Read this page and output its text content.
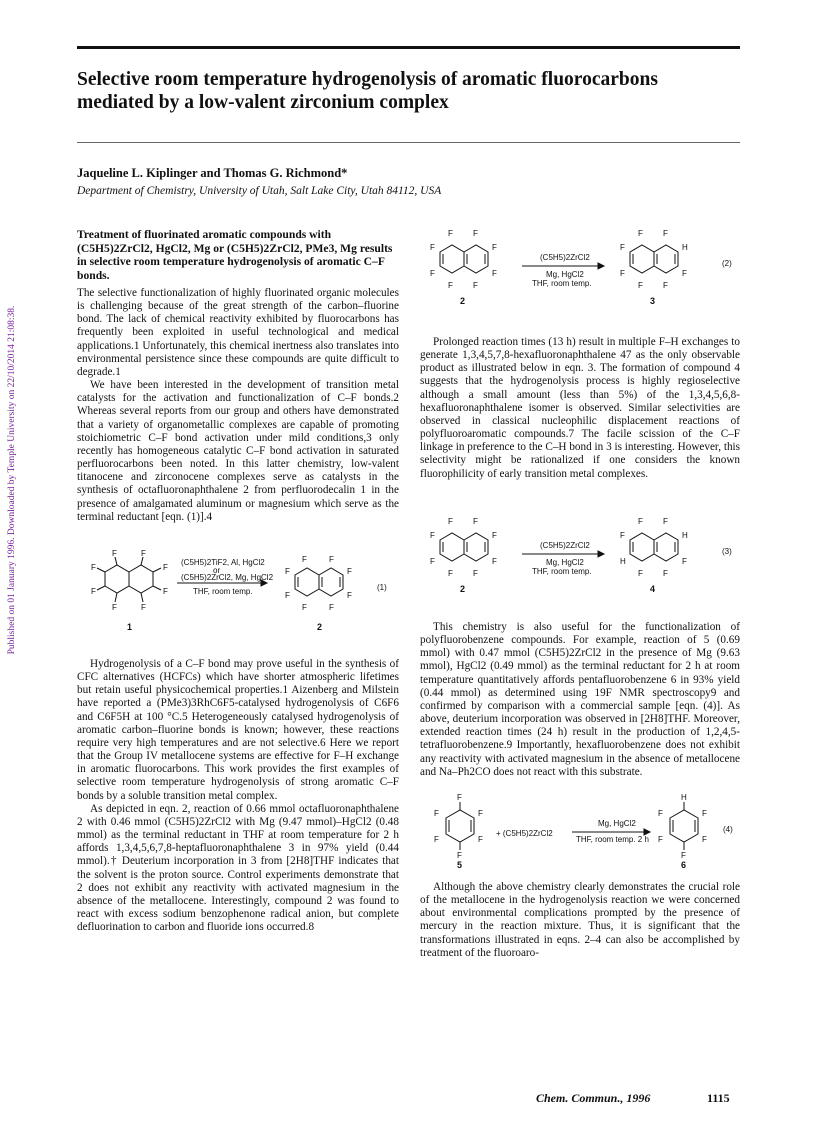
Published on 01 January 1996. Downloaded by Temple University on 22/10/2014 21:08:38.
Selective room temperature hydrogenolysis of aromatic fluorocarbons
mediated by a low-valent zirconium complex
Jaqueline L. Kiplinger and Thomas G. Richmond*
Department of Chemistry, University of Utah, Salt Lake City, Utah 84112, USA
Treatment of fluorinated aromatic compounds with (C5H5)2ZrCl2, HgCl2, Mg or (C5H5)2ZrCl2, PMe3, Mg results in selective room temperature hydrogenolysis of aromatic C–F bonds.

The selective functionalization of highly fluorinated organic molecules is challenging because of the great strength of the carbon–fluorine bond. The lack of chemical reactivity exhibited by fluorocarbons has frequently been exploited in useful technological and medical applications.1 Unfortunately, this chemical inertness also translates into environmental persistence since these compounds are quite difficult to degrade.1

We have been interested in the development of transition metal catalysts for the activation and functionalization of C–F bonds.2 Whereas several reports from our group and others have demonstrated that a variety of organometallic complexes are capable of promoting stoichiometric C–F bond activation under mild conditions,3 only recently has homogeneous catalytic C–F bond activation in saturated perfluorocarbons been noted. In this latter chemistry, low-valent titanocene and zirconocene complexes serve as catalysts in the synthesis of octafluoronaphthalene 2 from perfluorodecalin 1 in the presence of amalgamated aluminum or magnesium which serve as the terminal reductant [eqn. (1)].4

F
F
F
F
F	F
F	F
F	F
F	F
F	F
F	F
(C5H5)2TiF2, Al, HgCl2
or
(C5H5)2ZrCl2, Mg, HgCl2
THF, room temp.	(1)
1	2

Hydrogenolysis of a C–F bond may prove useful in the synthesis of CFC alternatives (HCFCs) which have shorter atmospheric lifetimes but retain useful physicochemical properties.1 Aizenberg and Milstein have reported a (PMe3)3RhC6F5-catalysed hydrogenolysis of C6F6 and C6F5H at 100 °C.5 Heterogeneously catalysed hydrogenolysis of aromatic carbon–fluorine bonds is known; however, these reactions require very high temperatures and are not selective.6 Here we report that the Group IV metallocene systems are effective for F–H exchange in aromatic fluorocarbons. This work provides the first examples of selective room temperature hydrogenolysis of strong aromatic C–F bonds by a soluble transition metal complex.

As depicted in eqn. 2, reaction of 0.66 mmol octafluoronaphthalene 2 with 0.46 mmol (C5H5)2ZrCl2 with Mg (9.47 mmol)–HgCl2 (0.48 mmol) as the terminal reductant in THF at room temperature for 2 h affords 1,3,4,5,6,7,8-heptafluoronaphthalene 3 in 97% yield (0.44 mmol).† Deuterium incorporation in 3 from [2H8]THF indicates that the solvent is the proton source. Control experiments demonstrate that 2 does not exhibit any reactivity with activated magnesium in the absence of the metallocene. Interestingly, compound 2 was found to react with excess sodium benzophenone radical anion, but complete defluorination to carbon and fluoride ions occurred.8

F	F
F	F
F	F
F	F
F	F
F	H
F	F
F	F
(C5H5)2ZrCl2
Mg, HgCl2
THF, room temp.
(2)
2	3

Prolonged reaction times (13 h) result in multiple F–H exchanges to generate 1,3,4,5,7,8-hexafluoronaphthalene 47 as the only observable product as illustrated below in eqn. 3. The formation of compound 4 suggests that the hydrogenolysis process is highly regioselective although a small amount (less than 5%) of the 1,3,4,5,6,8-hexafluoronaphthalene isomer is observed. Similar selectivities are observed in classical nucleophilic displacement reactions of polyfluoroaromatic compounds.7 The facile scission of the C–F linkage in preference to the C–H bond in 3 is interesting. However, this selectivity might be rationalized if one considers the known fluorophilicity of early transition metal complexes.

F	F
F	F
F	F
F	F
F	F
F	H
H	F
F	F
(C5H5)2ZrCl2
Mg, HgCl2
THF, room temp.
(3)
2	4

This chemistry is also useful for the functionalization of polyfluorobenzene compounds. For example, reaction of 5 (0.69 mmol) with 0.47 mmol (C5H5)2ZrCl2 in the presence of Mg (9.63 mmol), HgCl2 (0.49 mmol) as the terminal reductant for 2 h at room temperature quantitatively affords pentafluorobenzene 6 in 93% yield (0.44 mmol) as determined using 19F NMR spectroscopy9 and confirmed by comparison with a commercial sample [eqn. (4)]. As above, deuterium incorporation was observed in [2H8]THF. Moreover, extended reaction times (24 h) result in the production of 1,2,4,5-tetrafluorobenzene.9 Importantly, hexafluorobenzene does not exhibit any reactivity with activated magnesium in the absence of metallocene and Na–Ph2CO does not react with this substrate.

F
F	F
F	F
F
H
F	F
F	F
F
+ (C5H5)2ZrCl2
Mg, HgCl2
THF, room temp. 2 h
(4)
5	6

Although the above chemistry clearly demonstrates the crucial role of the metallocene in the hydrogenolysis reaction we were concerned about environmental complications prompted by the presence of mercury in the reaction mixture. Thus, it is significant that the transformations illustrated in eqns. 2–4 can also be accomplished by treatment of the fluoroaro-

Chem. Commun., 1996	1115
